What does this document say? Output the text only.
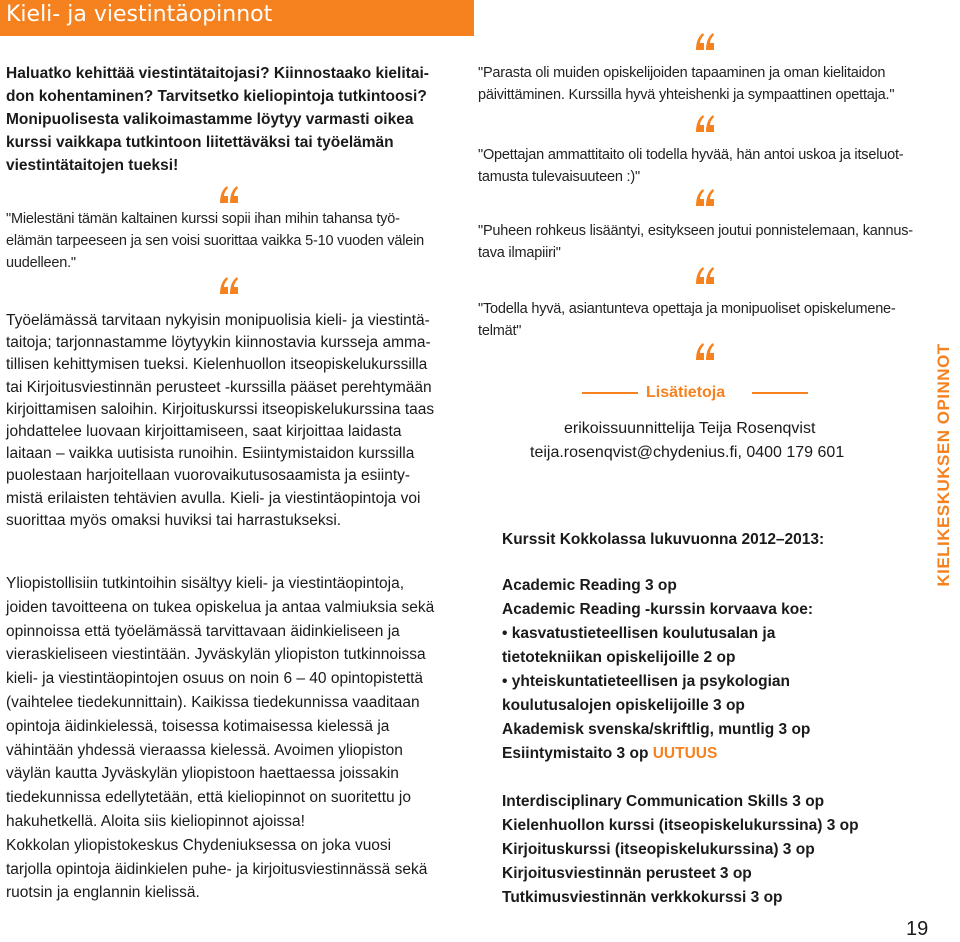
Kieli- ja viestintäopinnot

Haluatko kehittää viestintätaitojasi? Kiinnostaako kielitai-

don kohentaminen? Tarvitsetko kieliopintoja tutkintoosi?

Monipuolisesta valikoimastamme löytyy varmasti oikea

kurssi vaikkapa tutkintoon liitettäväksi tai työelämän

viestintätaitojen tueksi!

"Mielestäni tämän kaltainen kurssi sopii ihan mihin tahansa työ-

elämän tarpeeseen ja sen voisi suorittaa vaikka 5-10 vuoden välein

uudelleen."

Työelämässä tarvitaan nykyisin monipuolisia kieli- ja viestintä-

taitoja; tarjonnastamme löytyykin kiinnostavia kursseja amma-

tillisen kehittymisen tueksi. Kielenhuollon itseopiskelukurssilla

tai Kirjoitusviestinnän perusteet -kurssilla pääset perehtymään

kirjoittamisen saloihin. Kirjoituskurssi itseopiskelukurssina taas

johdattelee luovaan kirjoittamiseen, saat kirjoittaa laidasta

laitaan – vaikka uutisista runoihin. Esiintymistaidon kurssilla

puolestaan harjoitellaan vuorovaikutusosaamista ja esiinty-

mistä erilaisten tehtävien avulla. Kieli- ja viestintäopintoja voi

suorittaa myös omaksi huviksi tai harrastukseksi.

Yliopistollisiin tutkintoihin sisältyy kieli- ja viestintäopintoja,

joiden tavoitteena on tukea opiskelua ja antaa valmiuksia sekä

opinnoissa että työelämässä tarvittavaan äidinkieliseen ja

vieraskieliseen viestintään. Jyväskylän yliopiston tutkinnoissa

kieli- ja viestintäopintojen osuus on noin 6 – 40 opintopistettä

(vaihtelee tiedekunnittain). Kaikissa tiedekunnissa vaaditaan

opintoja äidinkielessä, toisessa kotimaisessa kielessä ja

vähintään yhdessä vieraassa kielessä. Avoimen yliopiston

väylän kautta Jyväskylän yliopistoon haettaessa joissakin

tiedekunnissa edellytetään, että kieliopinnot on suoritettu jo

hakuhetkellä. Aloita siis kieliopinnot ajoissa!

Kokkolan yliopistokeskus Chydeniuksessa on joka vuosi

tarjolla opintoja äidinkielen puhe- ja kirjoitusviestinnässä sekä

ruotsin ja englannin kielissä.

"Parasta oli muiden opiskelijoiden tapaaminen ja oman kielitaidon

päivittäminen. Kurssilla hyvä yhteishenki ja sympaattinen opettaja."

"Opettajan ammattitaito oli todella hyvää, hän antoi uskoa ja itseluot-

tamusta tulevaisuuteen :)"

"Puheen rohkeus lisääntyi, esitykseen joutui ponnistelemaan, kannus-

tava ilmapiiri"

"Todella hyvä, asiantunteva opettaja ja monipuoliset opiskelumene-

telmät"

Lisätietoja
erikoissuunnittelija Teija Rosenqvist
teija.rosenqvist@chydenius.fi, 0400 179 601
Kurssit Kokkolassa lukuvuonna 2012–2013:

Academic Reading 3 op

Academic Reading -kurssin korvaava koe:

• kasvatustieteellisen koulutusalan ja

tietotekniikan opiskelijoille 2 op

• yhteiskuntatieteellisen ja psykologian

koulutusalojen opiskelijoille 3 op

Akademisk svenska/skriftlig, muntlig 3 op

Esiintymistaito 3 op UUTUUS

Interdisciplinary Communication Skills 3 op

Kielenhuollon kurssi (itseopiskelukurssina) 3 op

Kirjoituskurssi (itseopiskelukurssina) 3 op

Kirjoitusviestinnän perusteet 3 op

Tutkimusviestinnän verkkokurssi 3 op

KIELIKESKUKSEN OPINNOT
19
